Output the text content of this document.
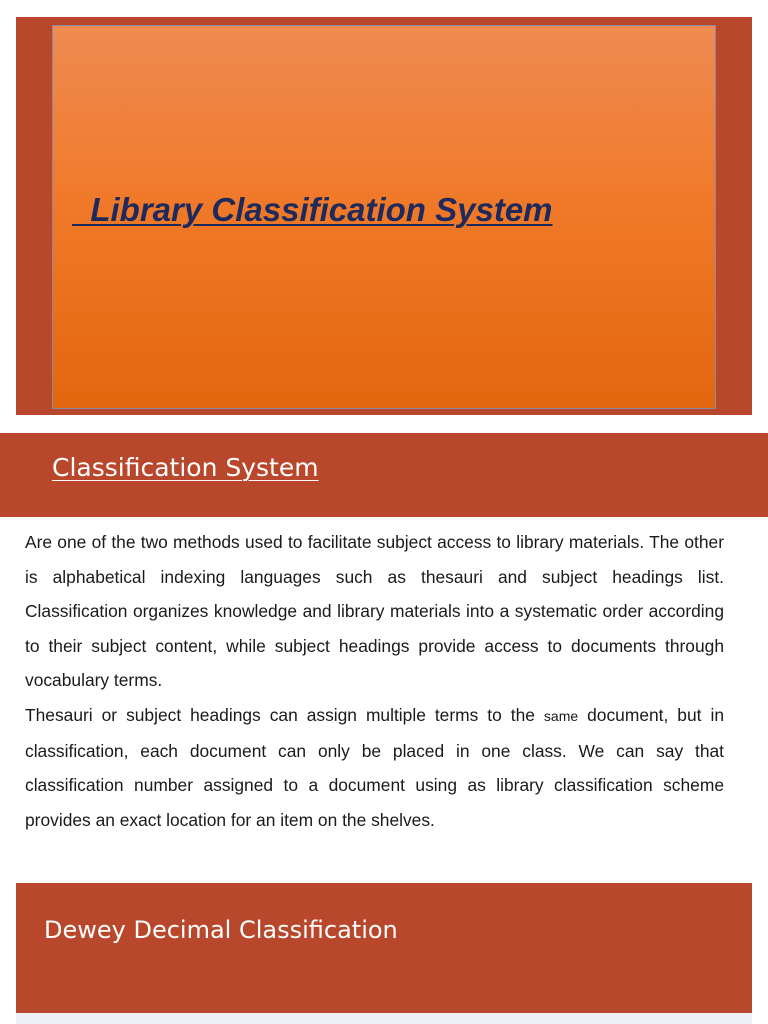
Library Classification System
Classification System

Are one of the two methods used to facilitate subject access to library materials. The other is alphabetical indexing languages such as thesauri and subject headings list. Classification organizes knowledge and library materials into a systematic order according to their subject content, while subject headings provide access to documents through vocabulary terms.

Thesauri or subject headings can assign multiple terms to the same document, but in classification, each document can only be placed in one class. We can say that classification number assigned to a document using as library classification scheme provides an exact location for an item on the shelves.

Dewey Decimal Classification
